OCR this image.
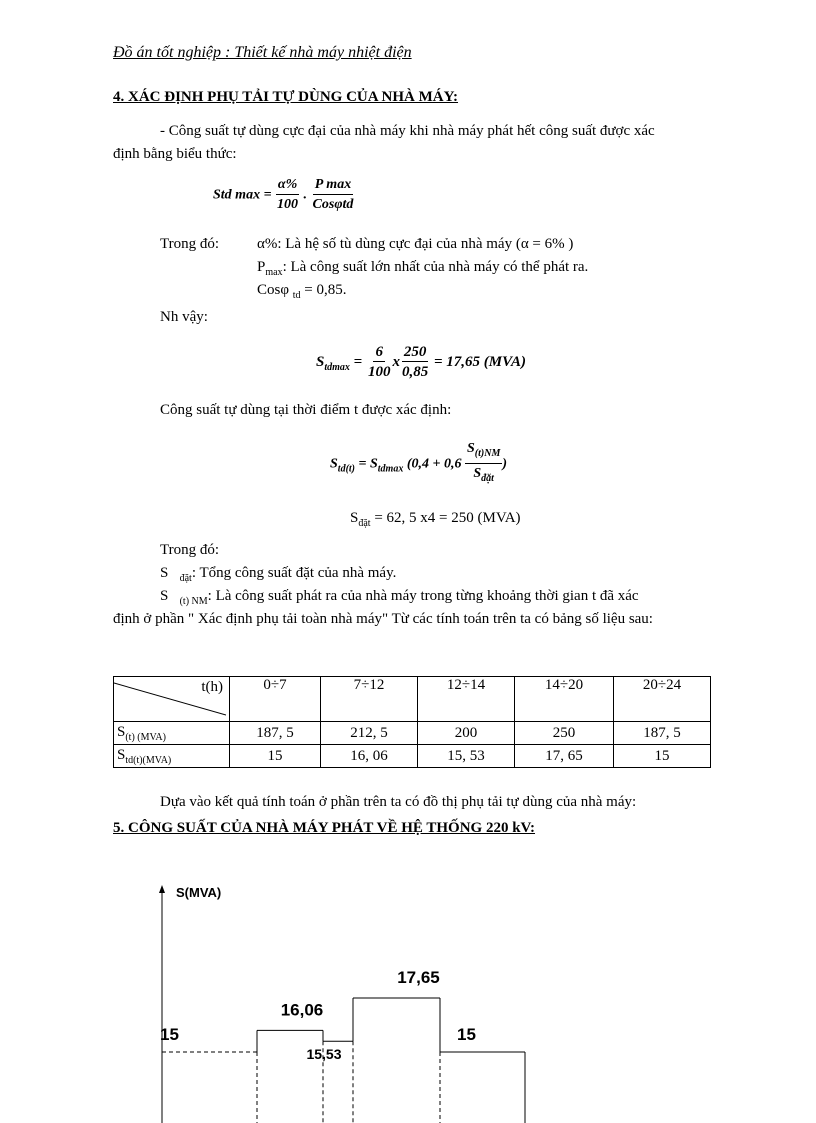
Đồ án tốt nghiệp : Thiết kế nhà máy nhiệt điện
4. XÁC ĐỊNH PHỤ TẢI TỰ DÙNG CỦA NHÀ MÁY:
- Công suất tự dùng cực đại của nhà máy khi nhà máy phát hết công suất được xác
định bằng biểu thức:
Std $\max = \frac{\alpha\%}{100}$ . $\frac{\text{P max}}{\text{Cosφtd}}$
Trong đó:	α%: Là hệ số tù dùng cực đại của nhà máy (α = 6% )
$P_{max}$: Là công suất lớn nhất của nhà máy có thể phát ra.
Cosφ $_{td}$ = 0,85.
Nh vậy:
$S_{tdmax} = \frac{6}{100}$ x $\frac{250}{0,85} = 17,65$ (MVA)
Công suất tự dùng tại thời điểm t được xác định:
$S_{td(t)} = S_{tdmax}$ ($0,4 + 0,6 \frac{S_{(t)NM}}{S_{đặt}}$ )
$S_{đặt} = 62$, 5 x4 = 250 (MVA)
Trong đó:
S $_{đặt}$: Tổng công suất đặt của nhà máy.
S $_{(t) NM}$: Là công suất phát ra của nhà máy trong từng khoảng thời gian t đã xác
định ở phần " Xác định phụ tải toàn nhà máy" Từ các tính toán trên ta có bảng số liệu sau:
t(h)	0÷7	7÷12	12÷14	14÷20	20÷24
$S_{(t) (MVA)}$	187, 5	212, 5	200	250	187, 5
$S_{td(t)(MVA)}$	15	16, 06	15, 53	17, 65	15
Dựa vào kết quả tính toán ở phần trên ta có đồ thị phụ tải tự dùng của nhà máy:
5. CÔNG SUẤT CỦA NHÀ MÁY PHÁT VỀ HỆ THỐNG 220 kV:
S(MVA)
15
16,06
15,53
17,65
15
